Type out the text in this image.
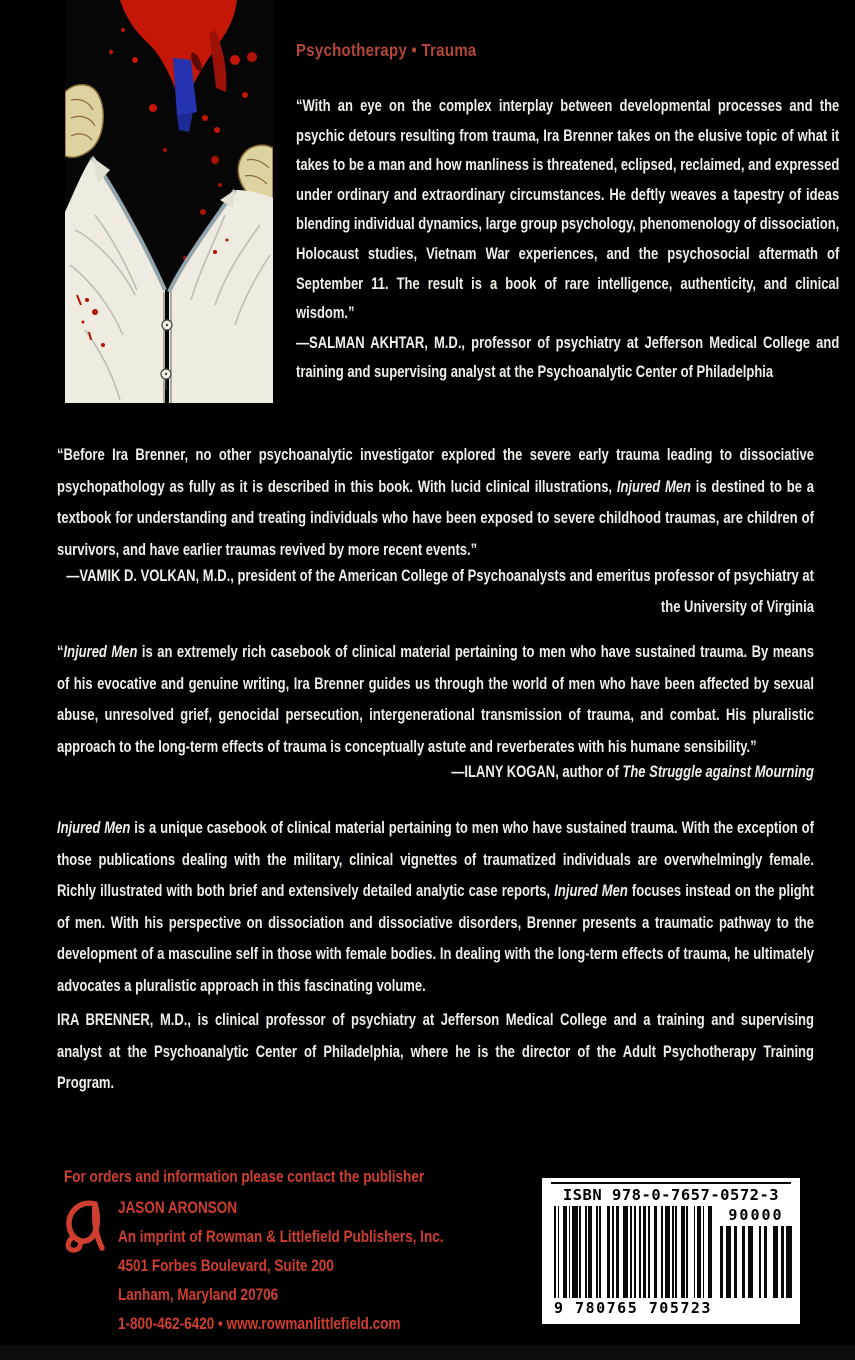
Psychotherapy • Trauma

“With an eye on the complex interplay between developmental processes and the psychic detours resulting from trauma, Ira Brenner takes on the elusive topic of what it takes to be a man and how manliness is threatened, eclipsed, reclaimed, and expressed under ordinary and extraordinary circumstances. He deftly weaves a tapestry of ideas blending individual dynamics, large group psychology, phenomenology of dissociation, Holocaust studies, Vietnam War experiences, and the psychosocial aftermath of September 11. The result is a book of rare intelligence, authenticity, and clinical wisdom.”

—SALMAN AKHTAR, M.D., professor of psychiatry at Jefferson Medical College and training and supervising analyst at the Psychoanalytic Center of Philadelphia

“Before Ira Brenner, no other psychoanalytic investigator explored the severe early trauma leading to dissociative psychopathology as fully as it is described in this book. With lucid clinical illustrations, Injured Men is destined to be a textbook for understanding and treating individuals who have been exposed to severe childhood traumas, are children of survivors, and have earlier traumas revived by more recent events.”
—VAMIK D. VOLKAN, M.D., president of the American College of Psychoanalysts and emeritus professor of psychiatry at the University of Virginia
“Injured Men is an extremely rich casebook of clinical material pertaining to men who have sustained trauma. By means of his evocative and genuine writing, Ira Brenner guides us through the world of men who have been affected by sexual abuse, unresolved grief, genocidal persecution, intergenerational transmission of trauma, and combat. His pluralistic approach to the long-term effects of trauma is conceptually astute and reverberates with his humane sensibility.”
—ILANY KOGAN, author of The Struggle against Mourning
Injured Men is a unique casebook of clinical material pertaining to men who have sustained trauma. With the exception of those publications dealing with the military, clinical vignettes of traumatized individuals are overwhelmingly female. Richly illustrated with both brief and extensively detailed analytic case reports, Injured Men focuses instead on the plight of men. With his perspective on dissociation and dissociative disorders, Brenner presents a traumatic pathway to the development of a masculine self in those with female bodies. In dealing with the long-term effects of trauma, he ultimately advocates a pluralistic approach in this fascinating volume.
IRA BRENNER, M.D., is clinical professor of psychiatry at Jefferson Medical College and a training and supervising analyst at the Psychoanalytic Center of Philadelphia, where he is the director of the Adult Psychotherapy Training Program.
For orders and information please contact the publisher
JASON ARONSON
An imprint of Rowman & Littlefield Publishers, Inc.
4501 Forbes Boulevard, Suite 200
Lanham, Maryland 20706
1-800-462-6420 • www.rowmanlittlefield.com
ISBN 978-0-7657-0572-3
9 780765 705723
90000
